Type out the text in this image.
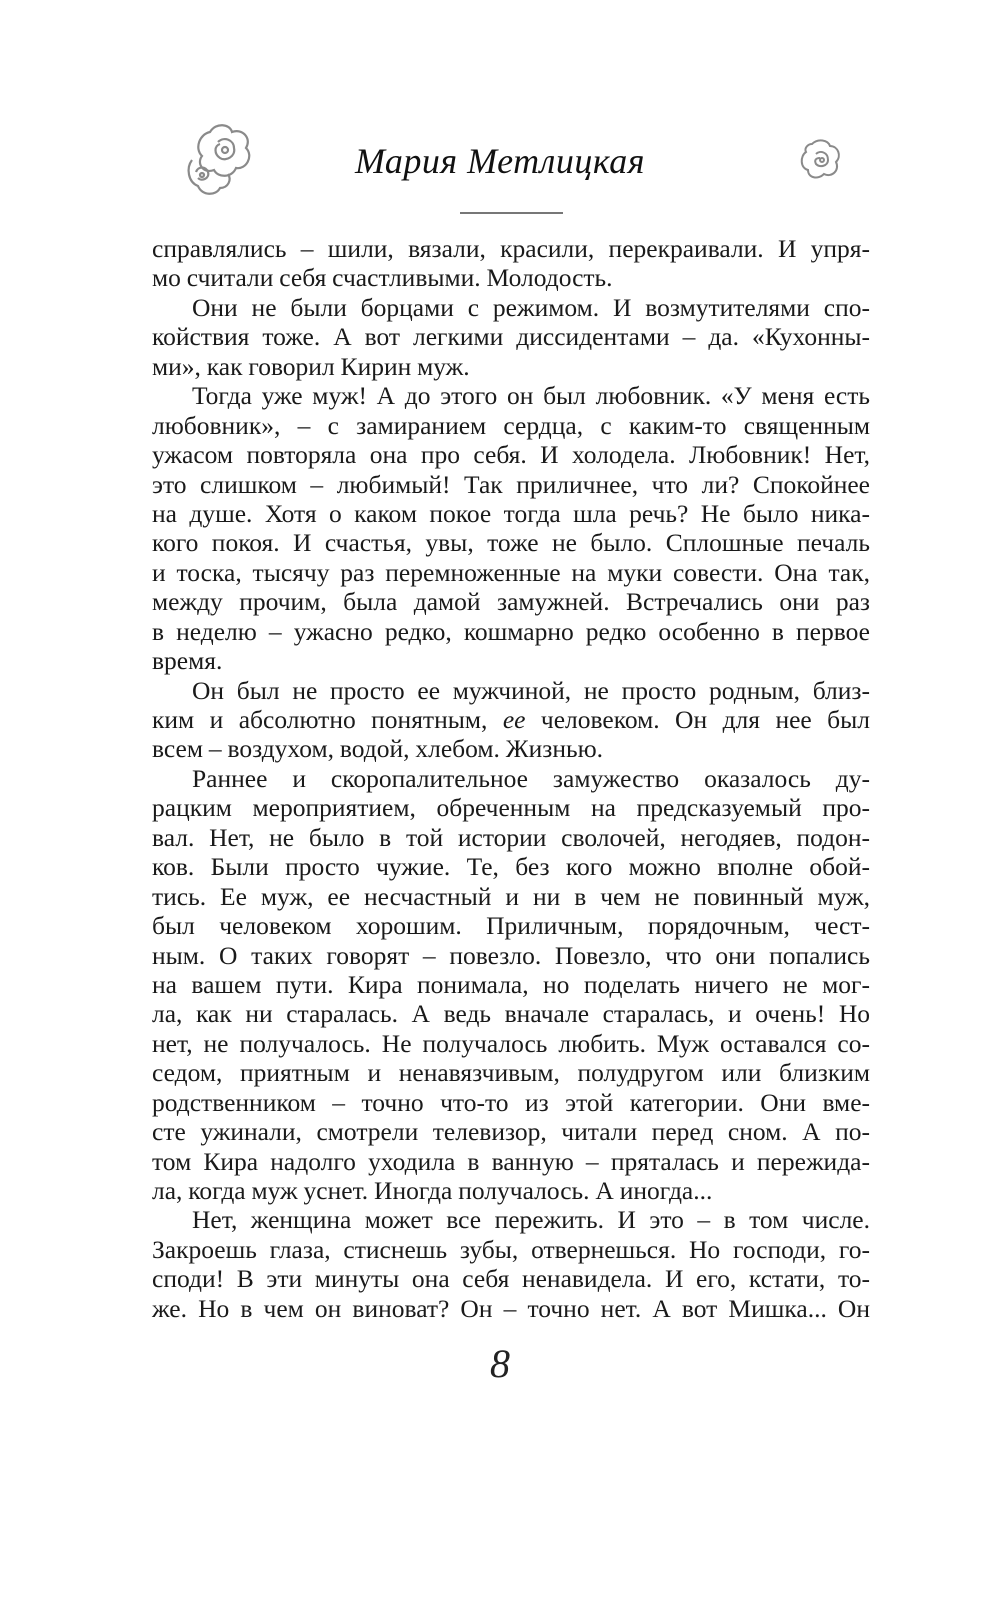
Мария Метлицкая
справлялись – шили, вязали, красили, перекраивали. И упря-
мо считали себя счастливыми. Молодость.
Они не были борцами с режимом. И возмутителями спо-
койствия тоже. А вот легкими диссидентами – да. «Кухонны-
ми», как говорил Кирин муж.
Тогда уже муж! А до этого он был любовник. «У меня есть
любовник», – с замиранием сердца, с каким-то священным
ужасом повторяла она про себя. И холодела. Любовник! Нет,
это слишком – любимый! Так приличнее, что ли? Спокойнее
на душе. Хотя о каком покое тогда шла речь? Не было ника-
кого покоя. И счастья, увы, тоже не было. Сплошные печаль
и тоска, тысячу раз перемноженные на муки совести. Она так,
между прочим, была дамой замужней. Встречались они раз
в неделю – ужасно редко, кошмарно редко особенно в первое
время.
Он был не просто ее мужчиной, не просто родным, близ-
ким и абсолютно понятным, ее человеком. Он для нее был
всем – воздухом, водой, хлебом. Жизнью.
Раннее и скоропалительное замужество оказалось ду-
рацким мероприятием, обреченным на предсказуемый про-
вал. Нет, не было в той истории сволочей, негодяев, подон-
ков. Были просто чужие. Те, без кого можно вполне обой-
тись. Ее муж, ее несчастный и ни в чем не повинный муж,
был человеком хорошим. Приличным, порядочным, чест-
ным. О таких говорят – повезло. Повезло, что они попались
на вашем пути. Кира понимала, но поделать ничего не мог-
ла, как ни старалась. А ведь вначале старалась, и очень! Но
нет, не получалось. Не получалось любить. Муж оставался со-
седом, приятным и ненавязчивым, полудругом или близким
родственником – точно что-то из этой категории. Они вме-
сте ужинали, смотрели телевизор, читали перед сном. А по-
том Кира надолго уходила в ванную – пряталась и пережида-
ла, когда муж уснет. Иногда получалось. А иногда...
Нет, женщина может все пережить. И это – в том числе.
Закроешь глаза, стиснешь зубы, отвернешься. Но господи, го-
споди! В эти минуты она себя ненавидела. И его, кстати, то-
же. Но в чем он виноват? Он – точно нет. А вот Мишка... Он
8
